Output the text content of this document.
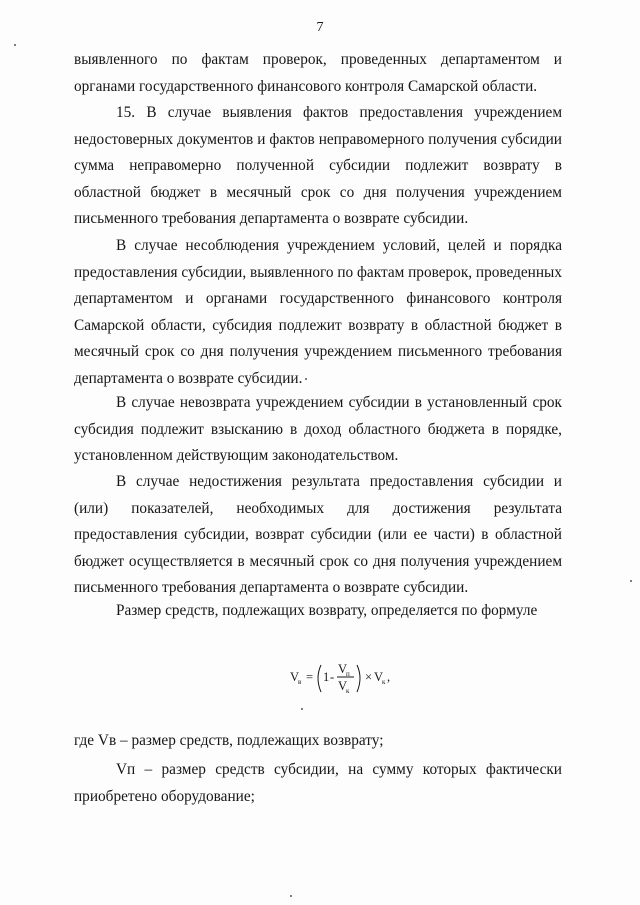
7

выявленного по фактам проверок, проведенных департаментом и органами государственного финансового контроля Самарской области.

15. В случае выявления фактов предоставления учреждением недостоверных документов и фактов неправомерного получения субсидии сумма неправомерно полученной субсидии подлежит возврату в областной бюджет в месячный срок со дня получения учреждением письменного требования департамента о возврате субсидии.

В случае несоблюдения учреждением условий, целей и порядка предоставления субсидии, выявленного по фактам проверок, проведенных департаментом и органами государственного финансового контроля Самарской области, субсидия подлежит возврату в областной бюджет в месячный срок со дня получения учреждением письменного требования департамента о возврате субсидии.

В случае невозврата учреждением субсидии в установленный срок субсидия подлежит взысканию в доход областного бюджета в порядке, установленном действующим законодательством.

В случае недостижения результата предоставления субсидии и (или) показателей, необходимых для достижения результата предоставления субсидии, возврат субсидии (или ее части) в областной бюджет осуществляется в месячный срок со дня получения учреждением письменного требования департамента о возврате субсидии.

Размер средств, подлежащих возврату, определяется по формуле

V
в = 1 -
V
п
V
к
× V
к ,

где Vв – размер средств, подлежащих возврату;

Vп – размер средств субсидии, на сумму которых фактически приобретено оборудование;
